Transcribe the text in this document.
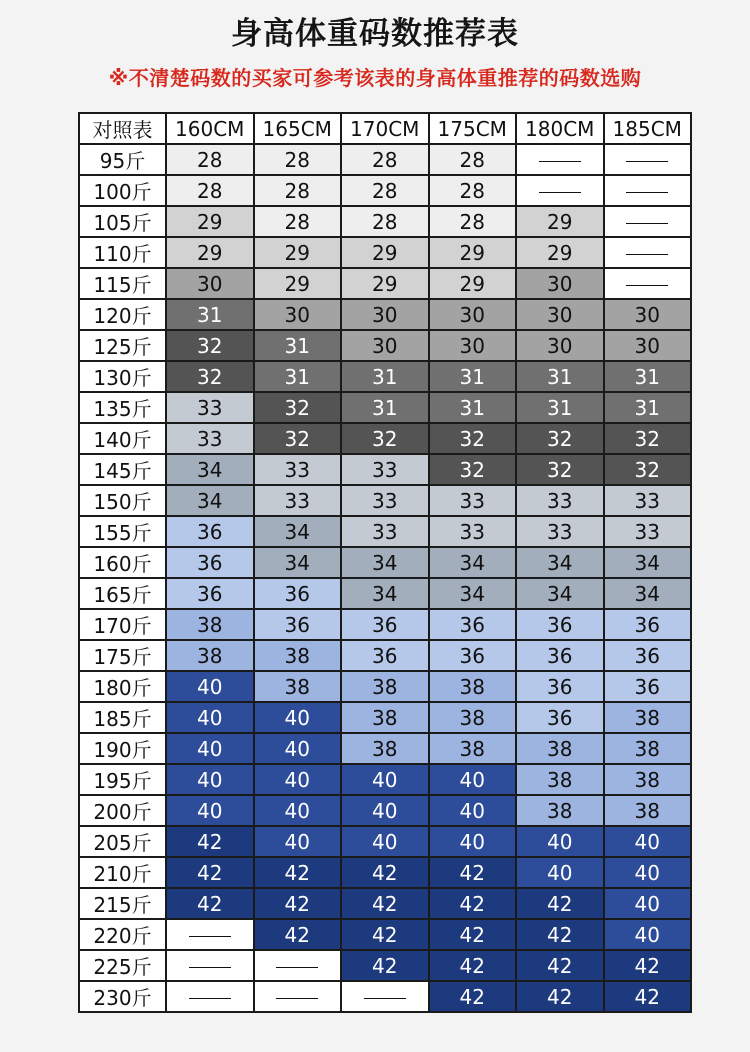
身高体重码数推荐表
※不清楚码数的买家可参考该表的身高体重推荐的码数选购
对照表	160CM	165CM	170CM	175CM	180CM	185CM
95斤	28	28	28	28		
100斤	28	28	28	28		
105斤	29	28	28	28	29	
110斤	29	29	29	29	29	
115斤	30	29	29	29	30	
120斤	31	30	30	30	30	30
125斤	32	31	30	30	30	30
130斤	32	31	31	31	31	31
135斤	33	32	31	31	31	31
140斤	33	32	32	32	32	32
145斤	34	33	33	32	32	32
150斤	34	33	33	33	33	33
155斤	36	34	33	33	33	33
160斤	36	34	34	34	34	34
165斤	36	36	34	34	34	34
170斤	38	36	36	36	36	36
175斤	38	38	36	36	36	36
180斤	40	38	38	38	36	36
185斤	40	40	38	38	36	38
190斤	40	40	38	38	38	38
195斤	40	40	40	40	38	38
200斤	40	40	40	40	38	38
205斤	42	40	40	40	40	40
210斤	42	42	42	42	40	40
215斤	42	42	42	42	42	40
220斤		42	42	42	42	40
225斤			42	42	42	42
230斤				42	42	42
